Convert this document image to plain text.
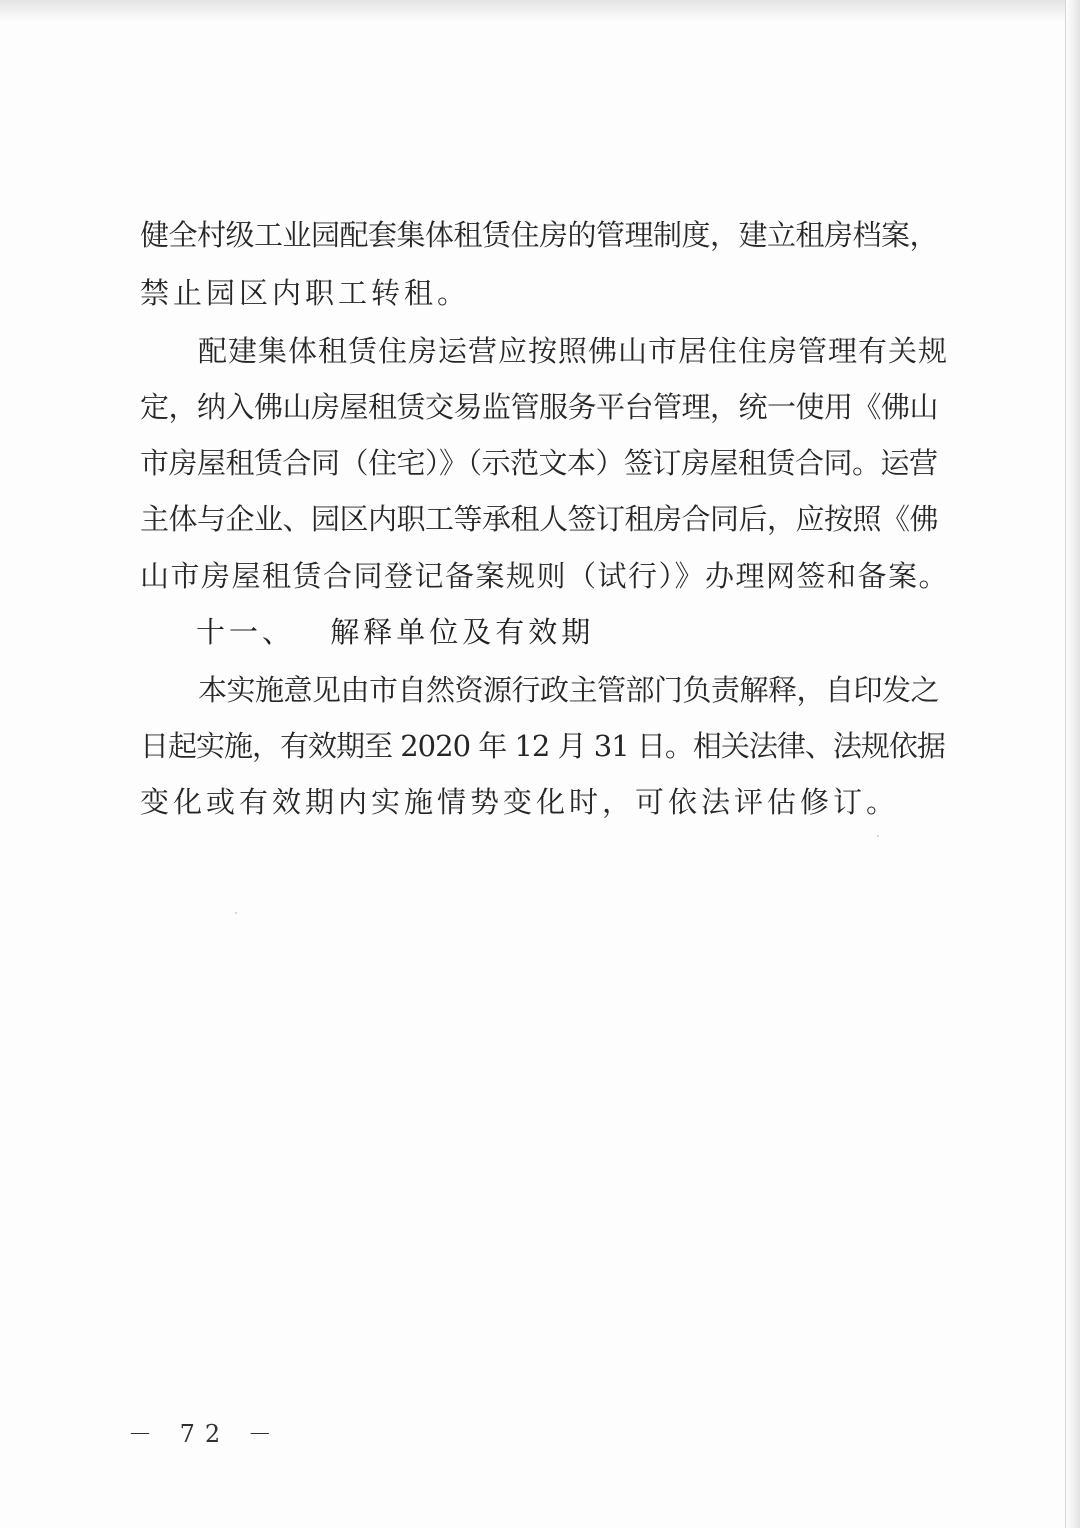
健全村级工业园配套集体租赁住房的管理制度，建立租房档案，
禁止园区内职工转租。
配建集体租赁住房运营应按照佛山市居住住房管理有关规
定，纳入佛山房屋租赁交易监管服务平台管理，统一使用《佛山
市房屋租赁合同（住宅）》（示范文本）签订房屋租赁合同。运营
主体与企业、园区内职工等承租人签订租房合同后，应按照《佛
山市房屋租赁合同登记备案规则（试行）》办理网签和备案。
十一、 解释单位及有效期
本实施意见由市自然资源行政主管部门负责解释，自印发之
日起实施，有效期至 2020 年 12 月 31 日。相关法律、法规依据
变化或有效期内实施情势变化时，可依法评估修订。
－ 72 －
